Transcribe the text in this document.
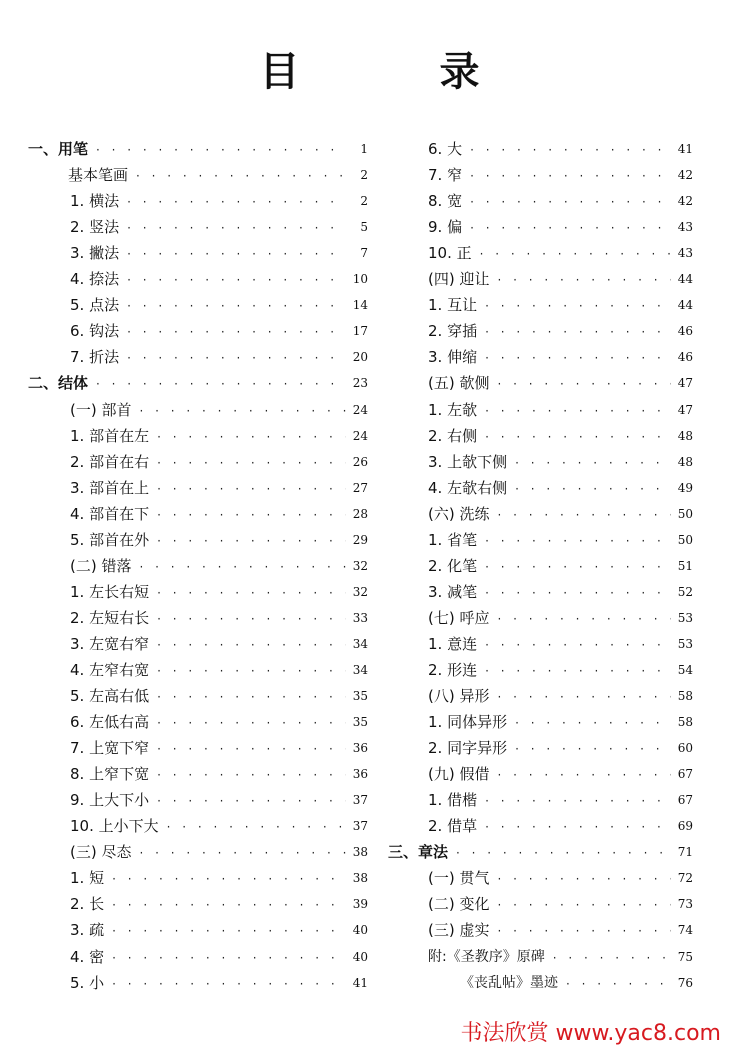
目　录
一、用笔 · · ·	1
基本笔画 · · ·	2
1. 横法 · · ·	2
2. 竖法 · · ·	5
3. 撇法 · · ·	7
4. 捺法 · · ·	10
5. 点法 · · ·	14
6. 钩法 · · ·	17
7. 折法 · · ·	20
二、结体 · · ·	23
(一) 部首 · · ·	24
1. 部首在左 · · ·	24
2. 部首在右 · · ·	26
3. 部首在上 · · ·	27
4. 部首在下 · · ·	28
5. 部首在外 · · ·	29
(二) 错落 · · ·	32
1. 左长右短 · · ·	32
2. 左短右长 · · ·	33
3. 左宽右窄 · · ·	34
4. 左窄右宽 · · ·	34
5. 左高右低 · · ·	35
6. 左低右高 · · ·	35
7. 上宽下窄 · · ·	36
8. 上窄下宽 · · ·	36
9. 上大下小 · · ·	37
10. 上小下大 · · ·	37
(三) 尽态 · · ·	38
1. 短 · · ·	38
2. 长 · · ·	39
3. 疏 · · ·	40
4. 密 · · ·	40
5. 小 · · ·	41
6. 大 · · ·	41
7. 窄 · · ·	42
8. 宽 · · ·	42
9. 偏 · · ·	43
10. 正 · · ·	43
(四) 迎让 · · ·	44
1. 互让 · · ·	44
2. 穿插 · · ·	46
3. 伸缩 · · ·	46
(五) 欹侧 · · ·	47
1. 左欹 · · ·	47
2. 右侧 · · ·	48
3. 上欹下侧 · · ·	48
4. 左欹右侧 · · ·	49
(六) 洗练 · · ·	50
1. 省笔 · · ·	50
2. 化笔 · · ·	51
3. 减笔 · · ·	52
(七) 呼应 · · ·	53
1. 意连 · · ·	53
2. 形连 · · ·	54
(八) 异形 · · ·	58
1. 同体异形 · · ·	58
2. 同字异形 · · ·	60
(九) 假借 · · ·	67
1. 借楷 · · ·	67
2. 借草 · · ·	69
三、章法 · · ·	71
(一) 贯气 · · ·	72
(二) 变化 · · ·	73
(三) 虚实 · · ·	74
附:《圣教序》原碑 · · ·	75
《丧乱帖》墨迹 · · ·	76
书法欣赏 www.yac8.com
